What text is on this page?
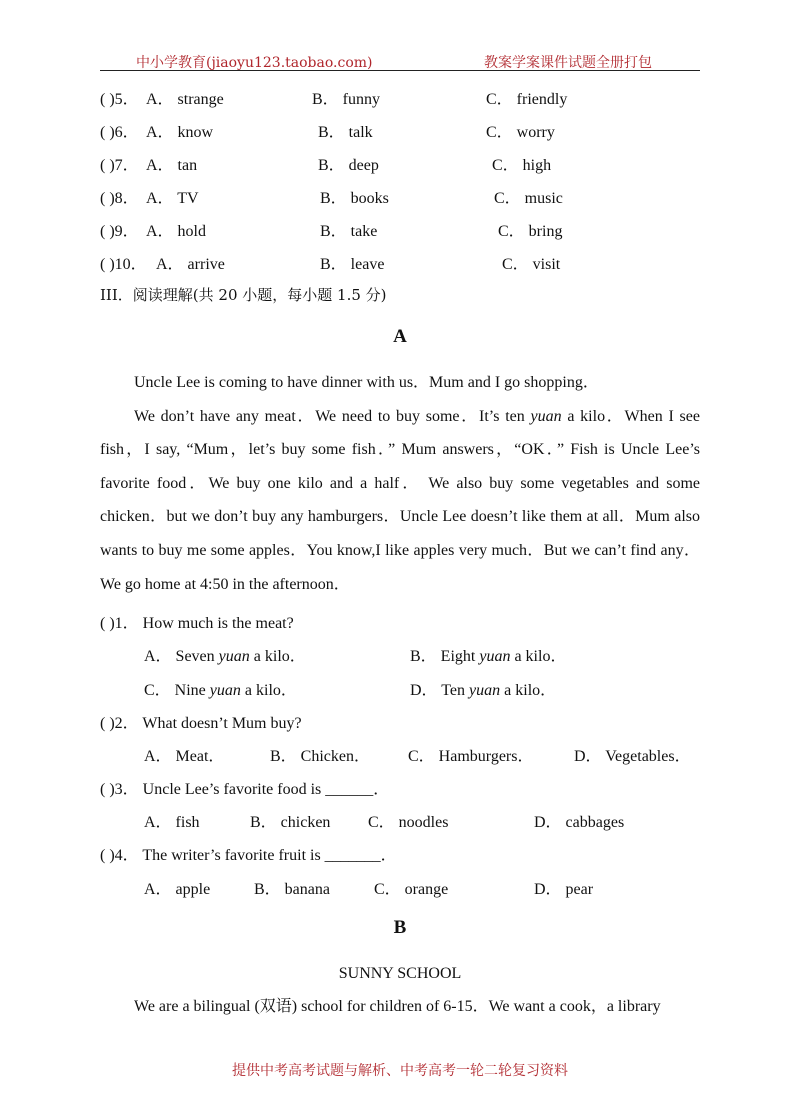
中小学教育(jiaoyu123.taobao.com)	教案学案课件试题全册打包
( )5． A． strange	B． funny	C． friendly
( )6． A． know	B． talk	C． worry
( )7． A． tan	B． deep	C． high
( )8． A． TV	B． books	C． music
( )9． A． hold	B． take	C． bring
( )10． A． arrive	B． leave	C． visit
III．阅读理解(共 20 小题，每小题 1.5 分)
A

Uncle Lee is coming to have dinner with us．Mum and I go shopping．

We don’t have any meat．We need to buy some．It’s ten yuan a kilo．When I see fish，I say, “Mum，let’s buy some fish．” Mum answers，“OK．” Fish is Uncle Lee’s favorite food．We buy one kilo and a half． We also buy some vegetables and some chicken．but we don’t buy any hamburgers．Uncle Lee doesn’t like them at all．Mum also wants to buy me some apples．You know,I like apples very much．But we can’t find any．We go home at 4:50 in the afternoon．

( )1． How much is the meat?
A． Seven yuan a kilo．	B． Eight yuan a kilo．
C． Nine yuan a kilo．	D． Ten yuan a kilo．
( )2． What doesn’t Mum buy?
A． Meat．	B． Chicken． C． Hamburgers．	D． Vegetables．
( )3． Uncle Lee’s favorite food is ______．
A． fish	B． chicken C． noodles	D． cabbages
( )4． The writer’s favorite fruit is _______．
A． apple	B． banana	C． orange	D． pear
B
SUNNY SCHOOL

We are a bilingual (双语) school for children of 6-15．We want a cook，a library

提供中考高考试题与解析、中考高考一轮二轮复习资料
